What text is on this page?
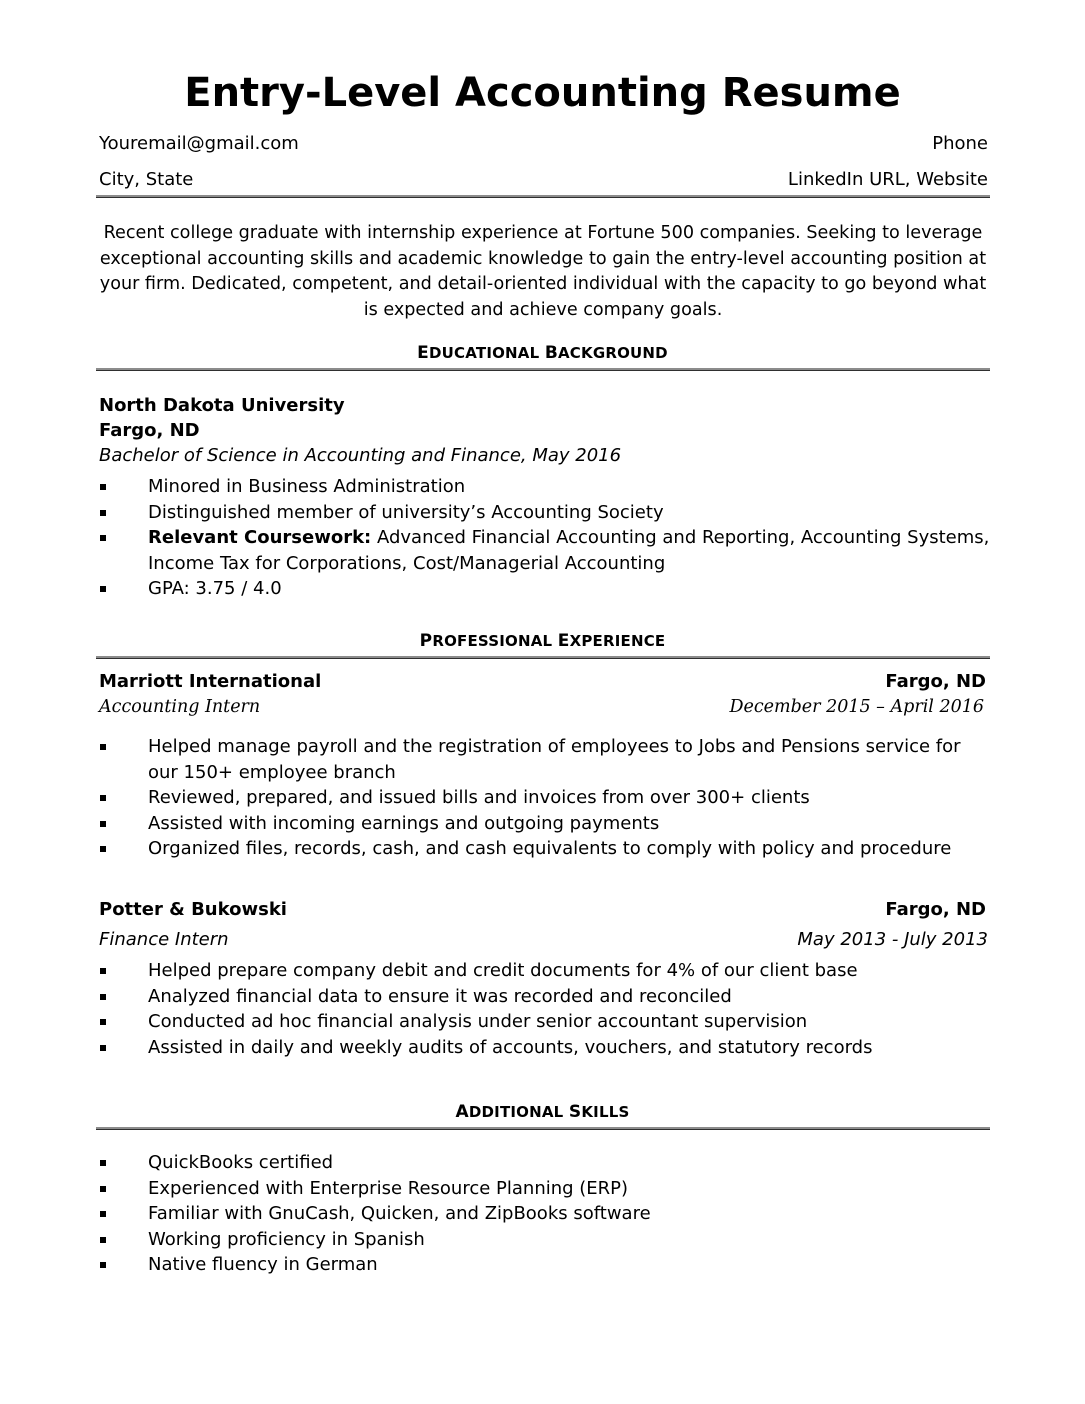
Entry-Level Accounting Resume
Youremail@gmail.com	Phone
City, State	LinkedIn URL, Website
Recent college graduate with internship experience at Fortune 500 companies. Seeking to leverage
exceptional accounting skills and academic knowledge to gain the entry-level accounting position at
your firm. Dedicated, competent, and detail-oriented individual with the capacity to go beyond what
is expected and achieve company goals.
EDUCATIONAL BACKGROUND
North Dakota University
Fargo, ND
Bachelor of Science in Accounting and Finance, May 2016
Minored in Business Administration
Distinguished member of university’s Accounting Society
Relevant Coursework: Advanced Financial Accounting and Reporting, Accounting Systems, Income Tax for Corporations, Cost/Managerial Accounting
GPA: 3.75 / 4.0
PROFESSIONAL EXPERIENCE
Marriott International	Fargo, ND
Accounting Intern	December 2015 – April 2016
Helped manage payroll and the registration of employees to Jobs and Pensions service for our 150+ employee branch
Reviewed, prepared, and issued bills and invoices from over 300+ clients
Assisted with incoming earnings and outgoing payments
Organized files, records, cash, and cash equivalents to comply with policy and procedure
Potter & Bukowski	Fargo, ND
Finance Intern	May 2013 - July 2013
Helped prepare company debit and credit documents for 4% of our client base
Analyzed financial data to ensure it was recorded and reconciled
Conducted ad hoc financial analysis under senior accountant supervision
Assisted in daily and weekly audits of accounts, vouchers, and statutory records
ADDITIONAL SKILLS
QuickBooks certified
Experienced with Enterprise Resource Planning (ERP)
Familiar with GnuCash, Quicken, and ZipBooks software
Working proficiency in Spanish
Native fluency in German
